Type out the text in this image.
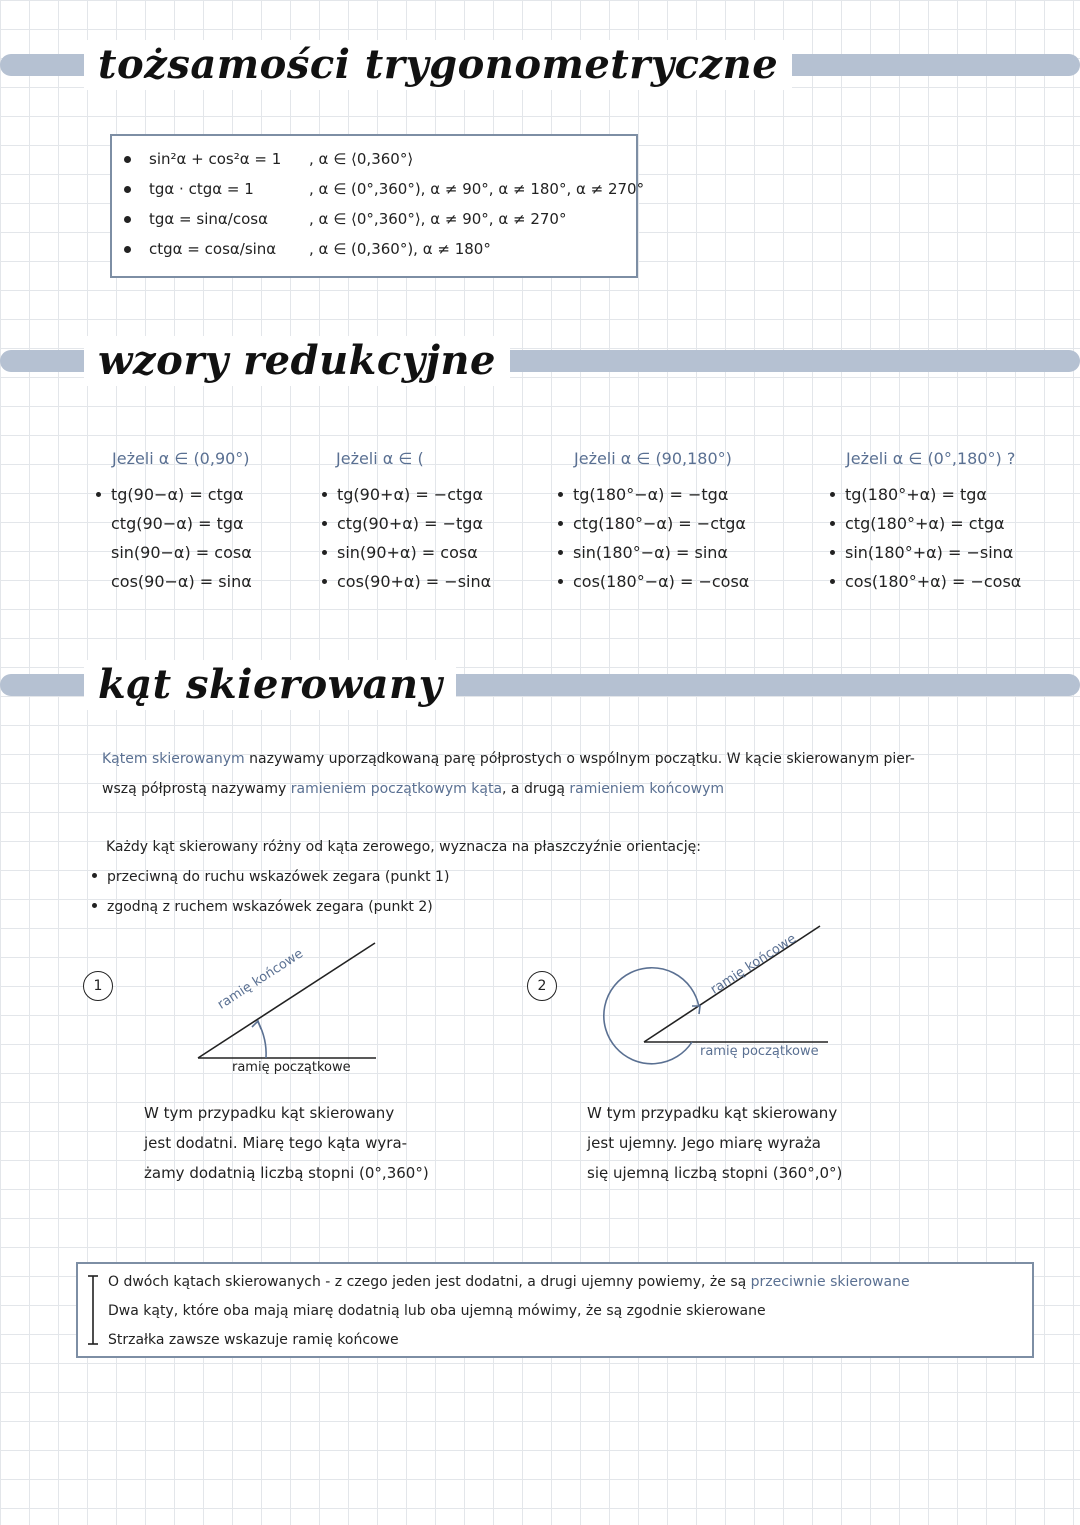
tożsamości trygonometryczne
sin²α + cos²α = 1 , α ∈ ⟨0,360°⟩
tgα · ctgα = 1	, α ∈ (0°,360°), α ≠ 90°, α ≠ 180°, α ≠ 270°
tgα = sinα/cosα	, α ∈ ⟨0°,360°⟩, α ≠ 90°, α ≠ 270°
ctgα = cosα/sinα , α ∈ (0,360°), α ≠ 180°
wzory redukcyjne
Jeżeli α ∈ (0,90°)
tg(90−α) = ctgα
ctg(90−α) = tgα
sin(90−α) = cosα
cos(90−α) = sinα
Jeżeli α ∈ (
tg(90+α) = −ctgα
ctg(90+α) = −tgα
sin(90+α) = cosα
cos(90+α) = −sinα
Jeżeli α ∈ (90,180°)
tg(180°−α) = −tgα
ctg(180°−α) = −ctgα
sin(180°−α) = sinα
cos(180°−α) = −cosα
Jeżeli α ∈ (0°,180°) ?
tg(180°+α) = tgα
ctg(180°+α) = ctgα
sin(180°+α) = −sinα
cos(180°+α) = −cosα
kąt skierowany
Kątem skierowanym nazywamy uporządkowaną parę półprostych o wspólnym początku. W kącie skierowanym pier-
wszą półprostą nazywamy ramieniem początkowym kąta, a drugą ramieniem końcowym
Każdy kąt skierowany różny od kąta zerowego, wyznacza na płaszczyźnie orientację:
przeciwną do ruchu wskazówek zegara (punkt 1)
zgodną z ruchem wskazówek zegara (punkt 2)
1	ramię końcowe
ramię początkowe
W tym przypadku kąt skierowany
jest dodatni. Miarę tego kąta wyra-
żamy dodatnią liczbą stopni (0°,360°)
2	ramię końcowe
ramię początkowe
W tym przypadku kąt skierowany
jest ujemny. Jego miarę wyraża
się ujemną liczbą stopni (360°,0°)
O dwóch kątach skierowanych - z czego jeden jest dodatni, a drugi ujemny powiemy, że są przeciwnie skierowane
Dwa kąty, które oba mają miarę dodatnią lub oba ujemną mówimy, że są zgodnie skierowane
Strzałka zawsze wskazuje ramię końcowe
